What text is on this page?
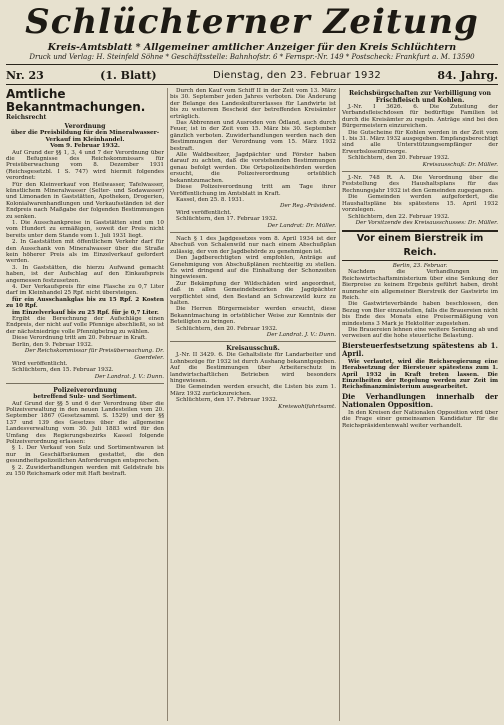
Schlüchterner Zeitung
Kreis-Amtsblatt * Allgemeiner amtlicher Anzeiger für den Kreis Schlüchtern
Druck und Verlag: H. Steinfeld Söhne * Geschäftsstelle: Bahnhofstr. 6 * Fernspr.-Nr. 149 * Postscheck: Frankfurt a. M. 13590
Nr. 23	(1. Blatt)	Dienstag, den 23. Februar 1932	84. Jahrg.
Amtliche Bekanntmachungen.
Reichsrecht
Verordnung
über die Preisbildung für den Mineralwasser-Verkauf im Kleinhandel.
Vom 9. Februar 1932.

Auf Grund der §§ 1, 3, 4 und 7 der Verordnung über die Befugnisse des Reichskommissars für Preisüberwachung vom 8. Dezember 1931 (Reichsgesetzbl. I S. 747) wird hiermit folgendes verordnet:

Für den Kleinverkauf von Heilwasser, Tafelwasser, künstlichem Mineralwasser (Selter- und Sodawasser) und Limonaden in Gaststätten, Apotheken, Drogerien, Kolonialwarenhandlungen und Verkaufsständen ist der Endpreis nach Maßgabe der folgenden Bestimmungen zu senken.

1. Die Ausschankpreise in Gaststätten sind um 10 vom Hundert zu ermäßigen, soweit der Preis nicht bereits unter dem Stande vom 1. Juli 1931 liegt.

2. In Gaststätten mit öffentlichem Verkehr darf für den Ausschank von Mineralwasser über die Straße kein höherer Preis als im Einzelverkauf gefordert werden.

3. In Gaststätten, die hierzu Aufwand gemacht haben, ist der Aufschlag auf den Einkaufspreis angemessen festzusetzen.

4. Der Verkaufspreis für eine Flasche zu 0,7 Liter darf im Kleinhandel 25 Rpf. nicht übersteigen.

für ein Ausschankglas bis zu 15 Rpf. 2 Kosten zu 10 Rpf.

im Einzelverkauf bis zu 25 Rpf. für je 0,7 Liter.

Ergibt die Berechnung der Aufschläge einen Endpreis, der nicht auf volle Pfennige abschließt, so ist der nächstniedrige volle Pfennigbetrag zu wählen.

Diese Verordnung tritt am 20. Februar in Kraft.

Berlin, den 9. Februar 1932.

Der Reichskommissar für Preisüberwachung. Dr. Goerdeler.

Wird veröffentlicht.

Schlüchtern, den 15. Februar 1932.

Der Landrat. J. V.: Dunn.
Polizeiverordnung
betreffend Sulz- und Sortiment.

Auf Grund der §§ 5 und 6 der Verordnung über die Polizeiverwaltung in den neuen Landesteilen vom 20. September 1867 (Gesetzsamml. S. 1529) und der §§ 137 und 139 des Gesetzes über die allgemeine Landesverwaltung vom 30. Juli 1883 wird für den Umfang des Regierungsbezirks Kassel folgende Polizeiverordnung erlassen:

§ 1. Der Verkauf von Sulz und Sortimentwaren ist nur in Geschäftsräumen gestattet, die den gesundheitspolizeilichen Anforderungen entsprechen.

§ 2. Zuwiderhandlungen werden mit Geldstrafe bis zu 150 Reichsmark oder mit Haft bestraft.

Durch den Kauf vom Schiff II in der Zeit vom 13. März bis 30. September jeden Jahres verboten. Die Änderung der Belange des Landeskulturerlasses für Landwirte ist bis zu weiterem Bescheid der betreffenden Kreisämter erträglich.

Das Abbrennen und Ausroden von Ödland, auch durch Feuer, ist in der Zeit vom 15. März bis 30. September gänzlich verboten. Zuwiderhandlungen werden nach den Bestimmungen der Verordnung vom 15. März 1932 bestraft.

Alle Waldbesitzer, Jagdpächter und Förster haben darauf zu achten, daß die vorstehenden Bestimmungen genau befolgt werden. Die Ortspolizeibehörden werden ersucht, die Polizeiverordnung ortsüblich bekanntzumachen.

Diese Polizeiverordnung tritt am Tage ihrer Veröffentlichung im Amtsblatt in Kraft.

Kassel, den 25. 8. 1931.

Der Reg.-Präsident.

Wird veröffentlicht.

Schlüchtern, den 17. Februar 1932.

Der Landrat: Dr. Müller.

Nach § 1 des Jagdgesetzes vom 8. April 1934 ist der Abschuß von Schalenwild nur nach einem Abschußplan zulässig, der von der Jagdbehörde zu genehmigen ist.

Den Jagdberechtigten wird empfohlen, Anträge auf Genehmigung von Abschußplänen rechtzeitig zu stellen. Es wird dringend auf die Einhaltung der Schonzeiten hingewiesen.

Zur Bekämpfung der Wildschäden wird angeordnet, daß in allen Gemeindebezirken die Jagdpächter verpflichtet sind, den Bestand an Schwarzwild kurz zu halten.

Die Herren Bürgermeister werden ersucht, diese Bekanntmachung in ortsüblicher Weise zur Kenntnis der Beteiligten zu bringen.

Schlüchtern, den 20. Februar 1932.

Der Landrat. J. V.: Dunn.
Kreisausschuß.

J.-Nr. II 3429. 6. Die Gehaltsliste für Landarbeiter und Lohnbezüge für 1932 ist durch Aushang bekanntgegeben. Auf die Bestimmungen über Arbeiterschutz in landwirtschaftlichen Betrieben wird besonders hingewiesen.

Die Gemeinden werden ersucht, die Listen bis zum 1. März 1932 zurückzureichen.

Schlüchtern, den 17. Februar 1932.

Kreiswohlfahrtsamt.
Reichsbürgschaften zur Verbilligung von Frischfleisch und Kohlen.

J.-Nr. I 3626. 6. Die Zuteilung der Verbandsfleischdosen für bedürftige Familien ist durch die Kreisämter zu regeln. Anträge sind bei den Bürgermeistern einzureichen.

Die Gutscheine für Kohlen werden in der Zeit vom 1. bis 31. März 1932 ausgegeben. Empfangsberechtigt sind alle Unterstützungsempfänger der Erwerbslosenfürsorge.

Schlüchtern, den 20. Februar 1932.

Kreisausschuß: Dr. Müller.

J.-Nr. 748 R. A. Die Verordnung über die Feststellung des Haushaltsplans für das Rechnungsjahr 1932 ist den Gemeinden zugegangen.

Die Gemeinden werden aufgefordert, die Haushaltspläne bis spätestens 15. April 1932 vorzulegen.

Schlüchtern, den 22. Februar 1932.

Der Vorsitzende des Kreisausschusses: Dr. Müller.
Vor einem Bierstreik im Reich.
Berlin, 23. Februar.

Nachdem die Verhandlungen im Reichswirtschaftsministerium über eine Senkung der Bierpreise zu keinem Ergebnis geführt haben, droht nunmehr ein allgemeiner Bierstreik der Gastwirte im Reich.

Die Gastwirteverbände haben beschlossen, den Bezug von Bier einzustellen, falls die Brauereien nicht bis Ende des Monats eine Preisermäßigung von mindestens 3 Mark je Hektoliter zugestehen.

Die Brauereien lehnen eine weitere Senkung ab und verweisen auf die hohe steuerliche Belastung.

Biersteuerfestsetzung spätestens ab 1. April.

Wie verlautet, wird die Reichsregierung eine Herabsetzung der Biersteuer spätestens zum 1. April 1932 in Kraft treten lassen. Die Einzelheiten der Regelung werden zur Zeit im Reichsfinanzministerium ausgearbeitet.

Die Verhandlungen innerhalb der Nationalen Opposition.

In den Kreisen der Nationalen Opposition wird über die Frage einer gemeinsamen Kandidatur für die Reichspräsidentenwahl weiter verhandelt.
